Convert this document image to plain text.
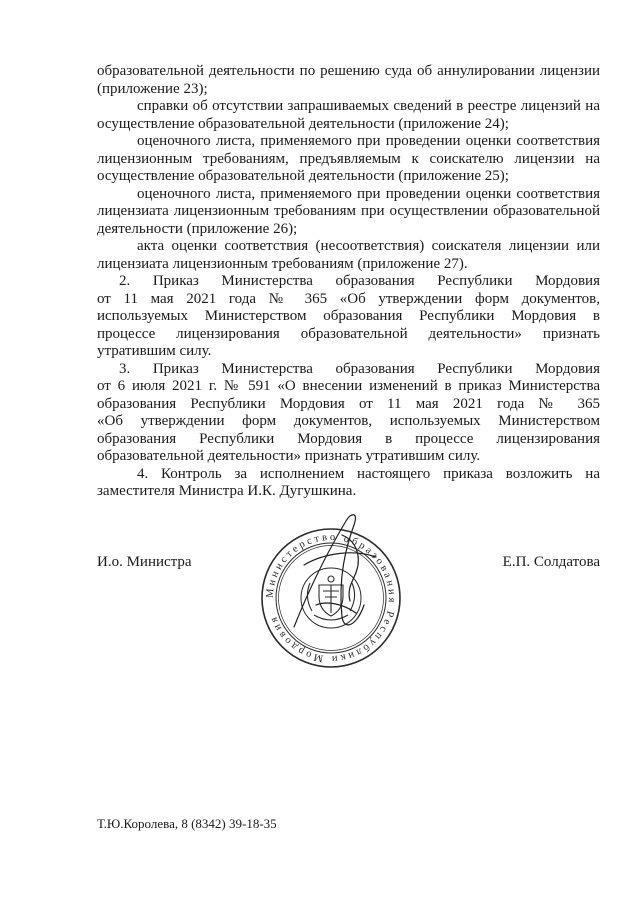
образовательной деятельности по решению суда об аннулировании лицензии
(приложение 23);
справки об отсутствии запрашиваемых сведений в реестре лицензий на
осуществление образовательной деятельности (приложение 24);
оценочного листа, применяемого при проведении оценки соответствия
лицензионным требованиям, предъявляемым к соискателю лицензии на
осуществление образовательной деятельности (приложение 25);
оценочного листа, применяемого при проведении оценки соответствия
лицензиата лицензионным требованиям при осуществлении образовательной
деятельности (приложение 26);
акта оценки соответствия (несоответствия) соискателя лицензии или
лицензиата лицензионным требованиям (приложение 27).
2. Приказ Министерства образования Республики Мордовия
от 11 мая 2021 года № 365 «Об утверждении форм документов,
используемых Министерством образования Республики Мордовия в
процессе лицензирования образовательной деятельности» признать
утратившим силу.
3. Приказ Министерства образования Республики Мордовия
от 6 июля 2021 г. № 591 «О внесении изменений в приказ Министерства
образования Республики Мордовия от 11 мая 2021 года № 365
«Об утверждении форм документов, используемых Министерством
образования Республики Мордовия в процессе лицензирования
образовательной деятельности» признать утратившим силу.
4. Контроль за исполнением настоящего приказа возложить на
заместителя Министра И.К. Дугушкина.
И.о. Министра	Е.П. Солдатова
Министерство образования Республики Мордовия
Т.Ю.Королева, 8 (8342) 39-18-35
